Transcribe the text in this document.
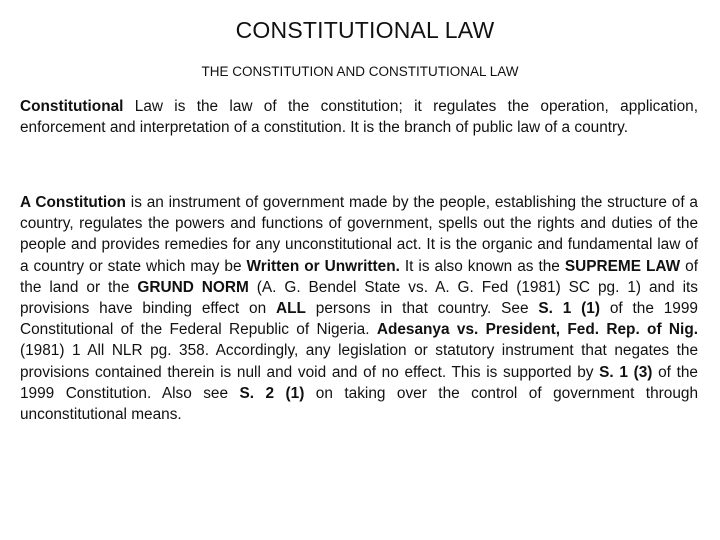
CONSTITUTIONAL LAW
THE CONSTITUTION AND CONSTITUTIONAL LAW

Constitutional Law is the law of the constitution; it regulates the operation, application, enforcement and interpretation of a constitution. It is the branch of public law of a country.

A Constitution is an instrument of government made by the people, establishing the structure of a country, regulates the powers and functions of government, spells out the rights and duties of the people and provides remedies for any unconstitutional act. It is the organic and fundamental law of a country or state which may be Written or Unwritten. It is also known as the SUPREME LAW of the land or the GRUND NORM (A. G. Bendel State vs. A. G. Fed (1981) SC pg. 1) and its provisions have binding effect on ALL persons in that country. See S. 1 (1) of the 1999 Constitutional of the Federal Republic of Nigeria. Adesanya vs. President, Fed. Rep. of Nig. (1981) 1 All NLR pg. 358. Accordingly, any legislation or statutory instrument that negates the provisions contained therein is null and void and of no effect. This is supported by S. 1 (3) of the 1999 Constitution. Also see S. 2 (1) on taking over the control of government through unconstitutional means.
